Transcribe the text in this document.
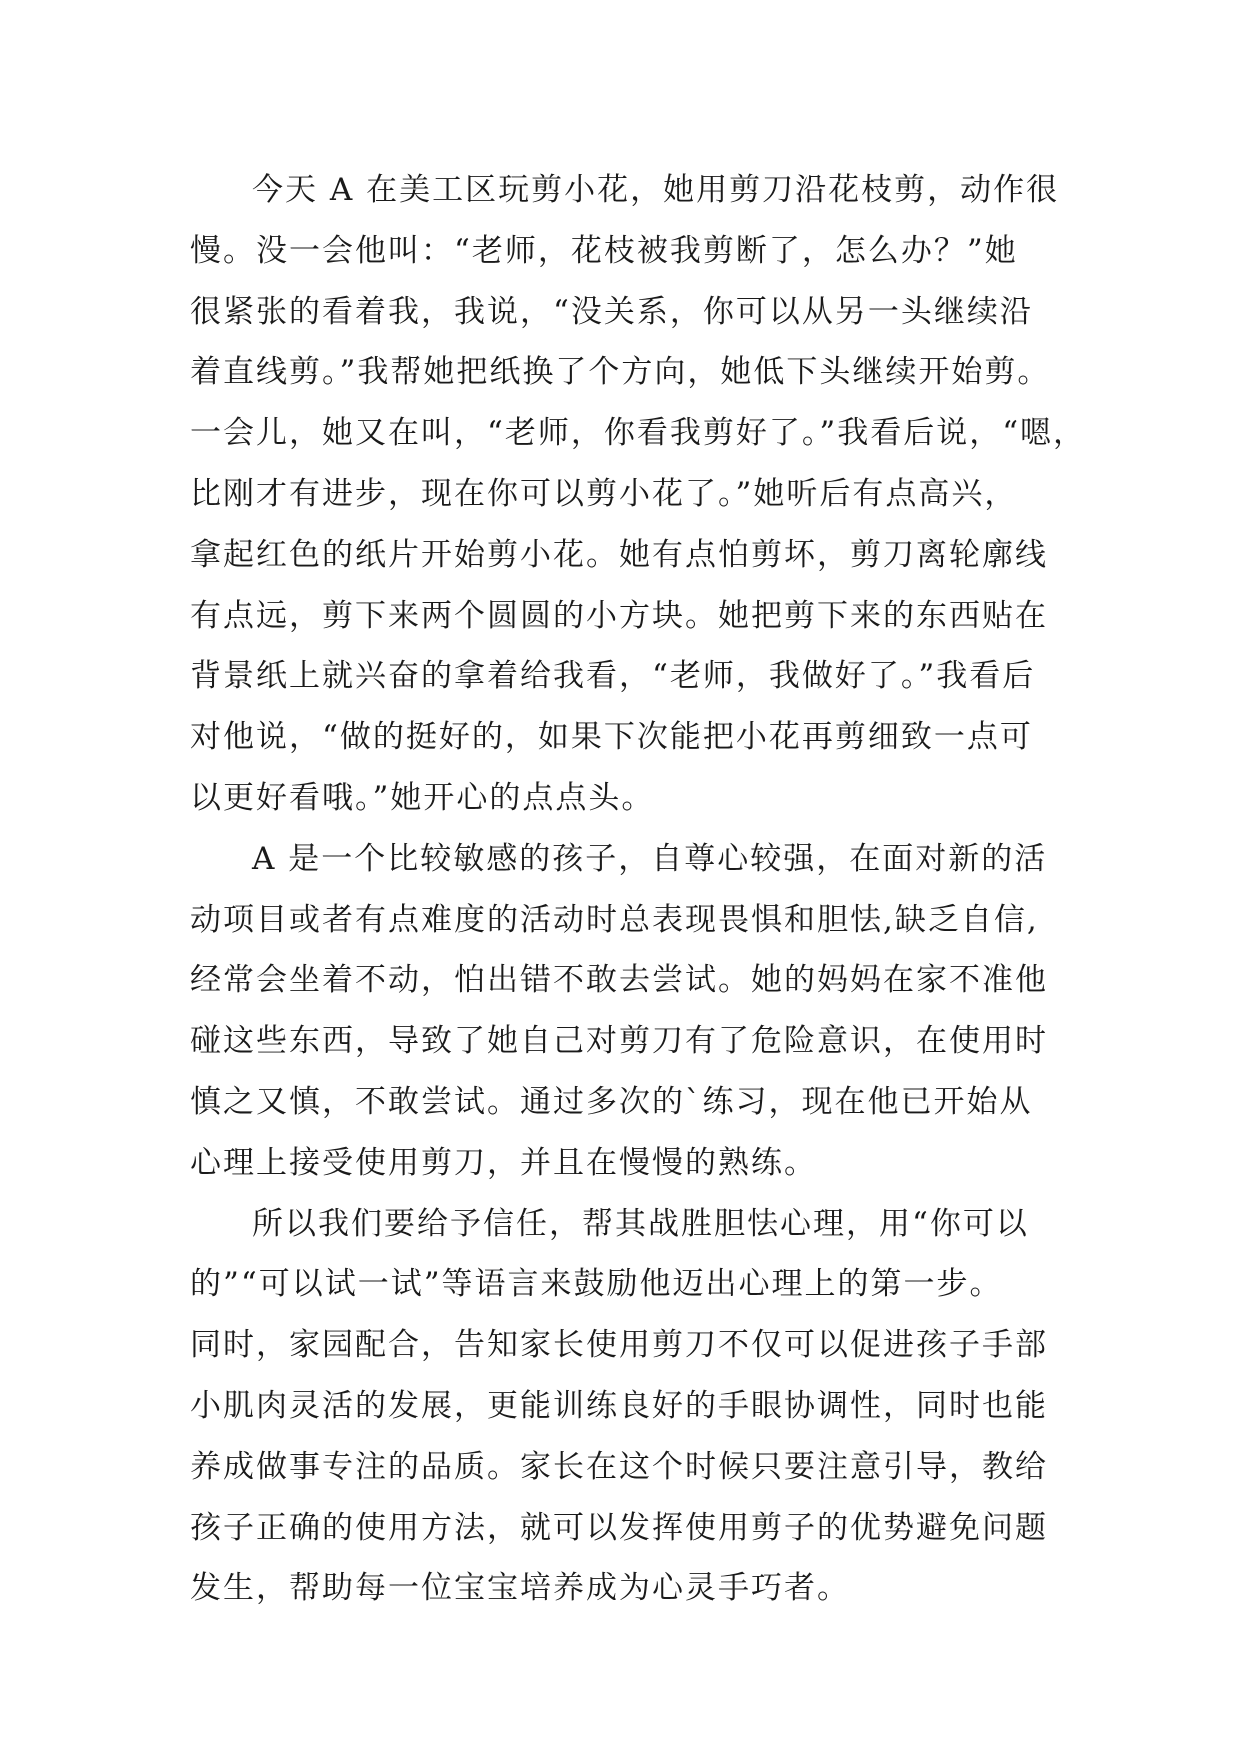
今天 A 在美工区玩剪小花，她用剪刀沿花枝剪，动作很
慢。没一会他叫：“老师，花枝被我剪断了，怎么办？”她
很紧张的看着我，我说，“没关系，你可以从另一头继续沿
着直线剪。”我帮她把纸换了个方向，她低下头继续开始剪。
一会儿，她又在叫，“老师，你看我剪好了。”我看后说，“嗯，
比刚才有进步，现在你可以剪小花了。”她听后有点高兴，
拿起红色的纸片开始剪小花。她有点怕剪坏，剪刀离轮廓线
有点远，剪下来两个圆圆的小方块。她把剪下来的东西贴在
背景纸上就兴奋的拿着给我看，“老师，我做好了。”我看后
对他说，“做的挺好的，如果下次能把小花再剪细致一点可
以更好看哦。”她开心的点点头。
A 是一个比较敏感的孩子，自尊心较强，在面对新的活
动项目或者有点难度的活动时总表现畏惧和胆怯,缺乏自信,
经常会坐着不动，怕出错不敢去尝试。她的妈妈在家不准他
碰这些东西，导致了她自己对剪刀有了危险意识，在使用时
慎之又慎，不敢尝试。通过多次的`练习，现在他已开始从
心理上接受使用剪刀，并且在慢慢的熟练。
所以我们要给予信任，帮其战胜胆怯心理，用“你可以
的”“可以试一试”等语言来鼓励他迈出心理上的第一步。
同时，家园配合，告知家长使用剪刀不仅可以促进孩子手部
小肌肉灵活的发展，更能训练良好的手眼协调性，同时也能
养成做事专注的品质。家长在这个时候只要注意引导，教给
孩子正确的使用方法，就可以发挥使用剪子的优势避免问题
发生，帮助每一位宝宝培养成为心灵手巧者。
